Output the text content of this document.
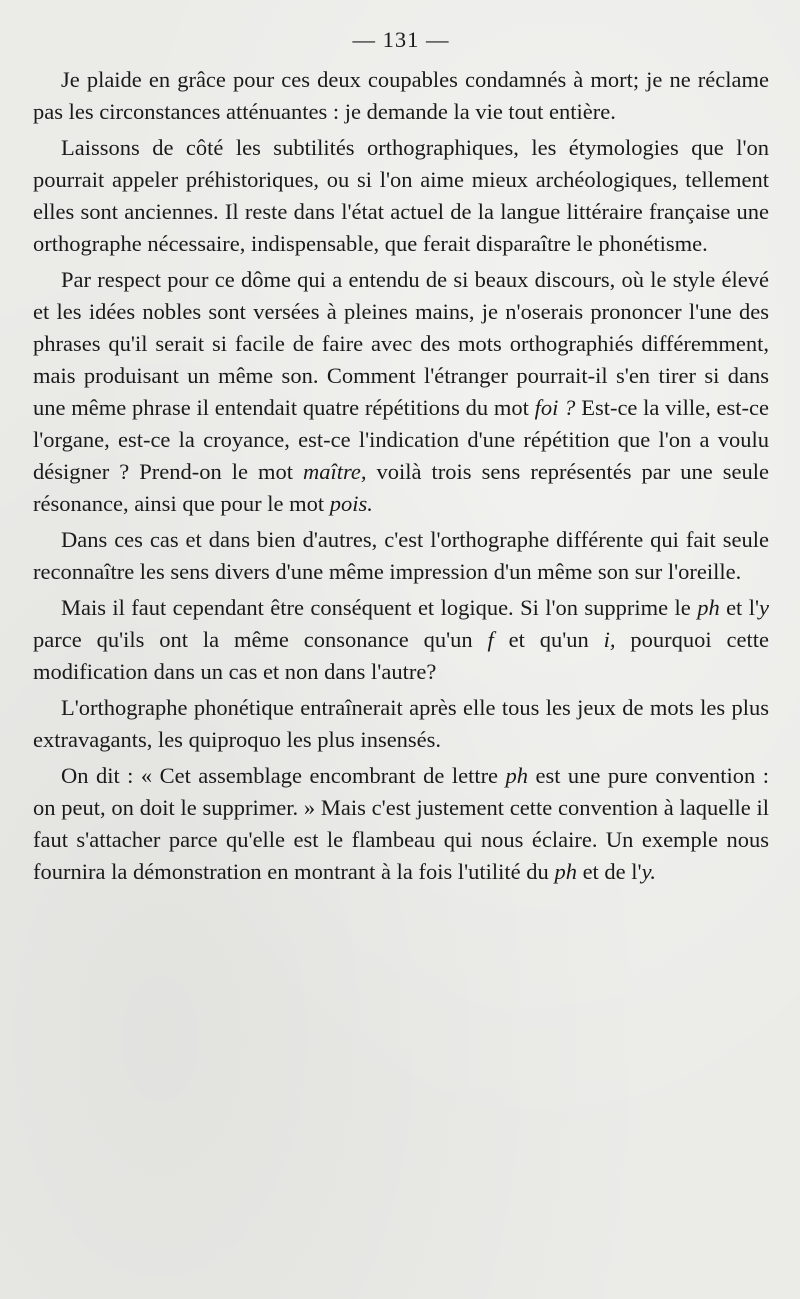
— 131 —

Je plaide en grâce pour ces deux coupables condamnés à mort; je ne réclame pas les circonstances atténuantes : je demande la vie tout entière.

Laissons de côté les subtilités orthographiques, les étymologies que l'on pourrait appeler préhistoriques, ou si l'on aime mieux archéologiques, tellement elles sont anciennes. Il reste dans l'état actuel de la langue littéraire française une orthographe nécessaire, indispensable, que ferait disparaître le phonétisme.

Par respect pour ce dôme qui a entendu de si beaux discours, où le style élevé et les idées nobles sont versées à pleines mains, je n'oserais prononcer l'une des phrases qu'il serait si facile de faire avec des mots orthographiés différemment, mais produisant un même son. Comment l'étranger pourrait-il s'en tirer si dans une même phrase il entendait quatre répétitions du mot foi ? Est-ce la ville, est-ce l'organe, est-ce la croyance, est-ce l'indication d'une répétition que l'on a voulu désigner ? Prend-on le mot maître, voilà trois sens représentés par une seule résonance, ainsi que pour le mot pois.

Dans ces cas et dans bien d'autres, c'est l'orthographe différente qui fait seule reconnaître les sens divers d'une même impression d'un même son sur l'oreille.

Mais il faut cependant être conséquent et logique. Si l'on supprime le ph et l'y parce qu'ils ont la même consonance qu'un f et qu'un i, pourquoi cette modification dans un cas et non dans l'autre?

L'orthographe phonétique entraînerait après elle tous les jeux de mots les plus extravagants, les quiproquo les plus insensés.

On dit : « Cet assemblage encombrant de lettre ph est une pure convention : on peut, on doit le supprimer. » Mais c'est justement cette convention à laquelle il faut s'attacher parce qu'elle est le flambeau qui nous éclaire. Un exemple nous fournira la démonstration en montrant à la fois l'utilité du ph et de l'y.
